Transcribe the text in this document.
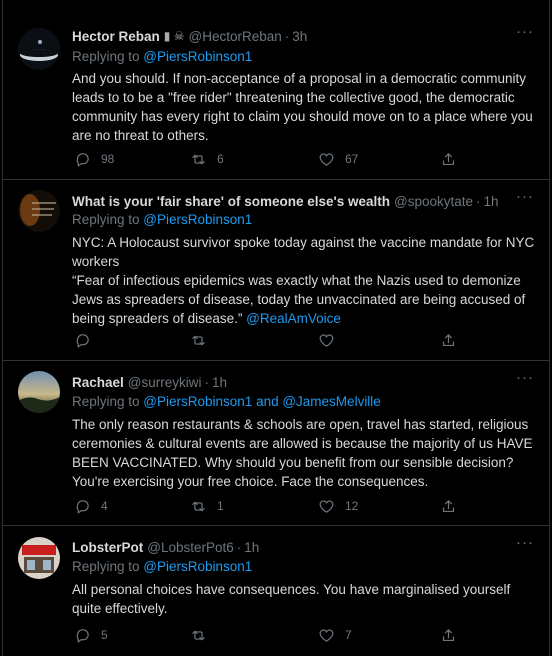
Hector Reban ▮ ☠ @HectorReban · 3h	···
Replying to @PiersRobinson1

And you should. If non-acceptance of a proposal in a democratic community leads to to be a "free rider" threatening the collective good, the democratic community has every right to claim you should move on to a place where you are no threat to others.

98	6	67
What is your 'fair share' of someone else's wealth @spookytate · 1h ···
Replying to @PiersRobinson1

NYC: A Holocaust survivor spoke today against the vaccine mandate for NYC workers

“Fear of infectious epidemics was exactly what the Nazis used to demonize Jews as spreaders of disease, today the unvaccinated are being accused of being spreaders of disease.” @RealAmVoice

Rachael @surreykiwi · 1h	···
Replying to @PiersRobinson1 and @JamesMelville

The only reason restaurants & schools are open, travel has started, religious ceremonies & cultural events are allowed is because the majority of us HAVE BEEN VACCINATED. Why should you benefit from our sensible decision? You're exercising your free choice. Face the consequences.

4	1	12
LobsterPot @LobsterPot6 · 1h	···
Replying to @PiersRobinson1

All personal choices have consequences. You have marginalised yourself quite effectively.

5	7
